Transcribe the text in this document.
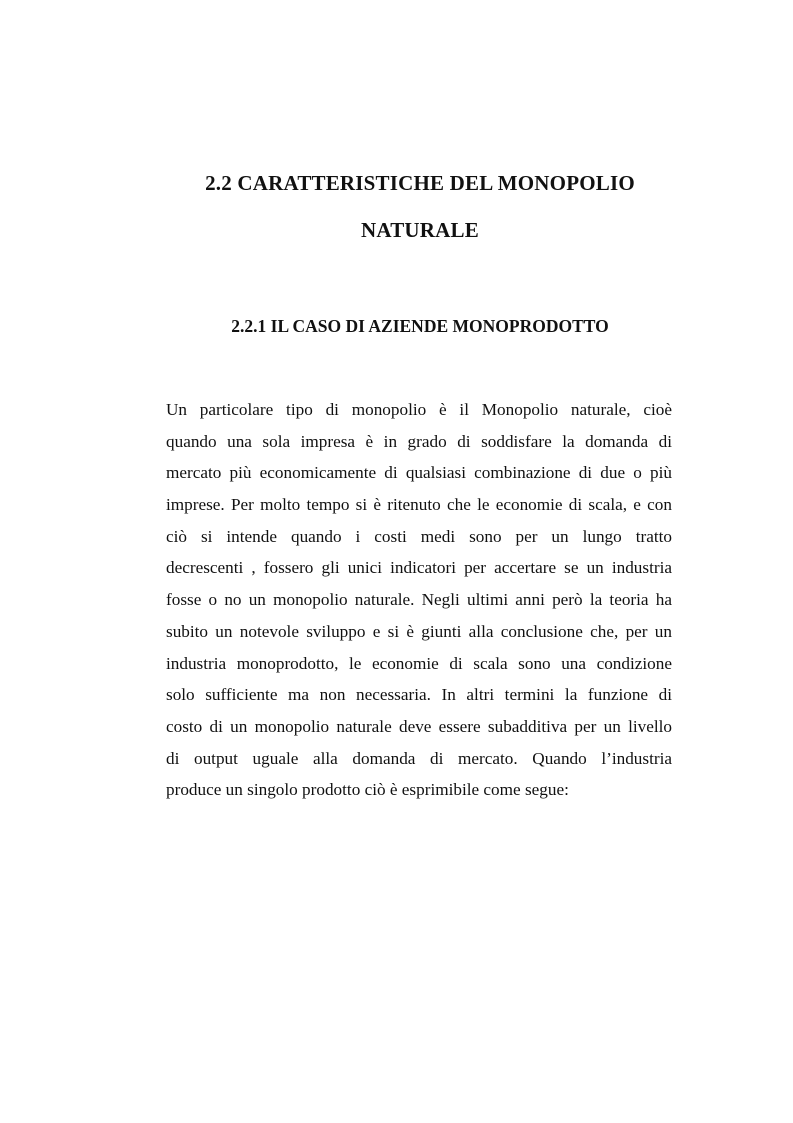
2.2 CARATTERISTICHE DEL MONOPOLIO
NATURALE
2.2.1 IL CASO DI AZIENDE MONOPRODOTTO
Un particolare tipo di monopolio è il Monopolio naturale, cioè
quando una sola impresa è in grado di soddisfare la domanda di
mercato più economicamente di qualsiasi combinazione di due o più
imprese. Per molto tempo si è ritenuto che le economie di scala, e con
ciò si intende quando i costi medi sono per un lungo tratto
decrescenti , fossero gli unici indicatori per accertare se un industria
fosse o no un monopolio naturale. Negli ultimi anni però la teoria ha
subito un notevole sviluppo e si è giunti alla conclusione che, per un
industria monoprodotto, le economie di scala sono una condizione
solo sufficiente ma non necessaria. In altri termini la funzione di
costo di un monopolio naturale deve essere subadditiva per un livello
di output uguale alla domanda di mercato. Quando l’industria
produce un singolo prodotto ciò è esprimibile come segue:
